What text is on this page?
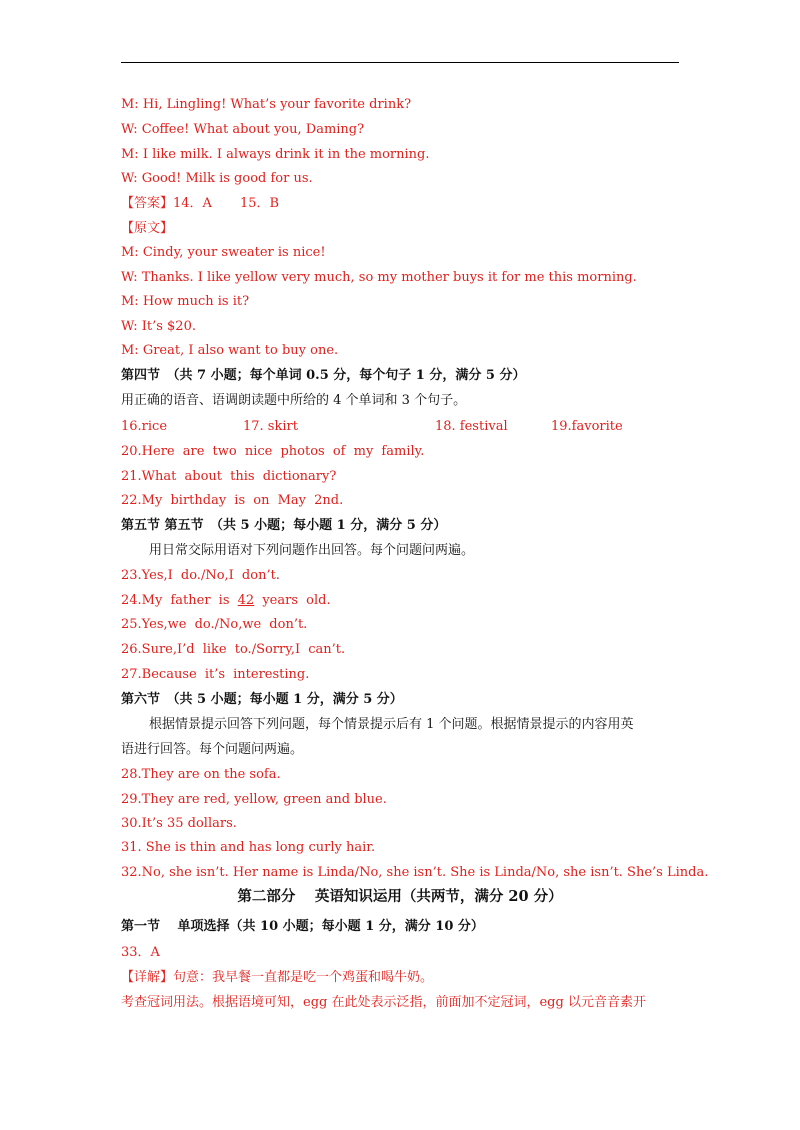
M: Hi, Lingling! What’s your favorite drink?
W: Coffee! What about you, Daming?
M: I like milk. I always drink it in the morning.
W: Good! Milk is good for us.
【答案】14．A 15．B
【原文】
M: Cindy, your sweater is nice!
W: Thanks. I like yellow very much, so my mother buys it for me this morning.
M: How much is it?
W: It’s $20.
M: Great, I also want to buy one.
第四节　（共 7 小题；每个单词 0.5 分，每个句子 1 分，满分 5 分）
用正确的语音、语调朗读题中所给的 4 个单词和 3 个句子。
16.rice	17. skirt	18. festival	19.favorite
20.Here are two nice photos of my family.
21.What about this dictionary?
22.My birthday is on May 2nd.
第五节 第五节　（共 5 小题；每小题 1 分，满分 5 分）
用日常交际用语对下列问题作出回答。每个问题问两遍。
23.Yes,I do./No,I don’t.
24.My father is 42 years old.
25.Yes,we do./No,we don’t.
26.Sure,I’d like to./Sorry,I can’t.
27.Because it’s interesting.
第六节　（共 5 小题；每小题 1 分，满分 5 分）
根据情景提示回答下列问题，每个情景提示后有 1 个问题。根据情景提示的内容用英
语进行回答。每个问题问两遍。
28.They are on the sofa.
29.They are red, yellow, green and blue.
30.It’s 35 dollars.
31. She is thin and has long curly hair.
32.No, she isn’t. Her name is Linda/No, she isn’t. She is Linda/No, she isn’t. She’s Linda.
第二部分　 英语知识运用（共两节，满分 20 分）
第一节　 单项选择（共 10 小题；每小题 1 分，满分 10 分）
33．A
【详解】句意：我早餐一直都是吃一个鸡蛋和喝牛奶。
考查冠词用法。根据语境可知，egg 在此处表示泛指，前面加不定冠词，egg 以元音音素开
